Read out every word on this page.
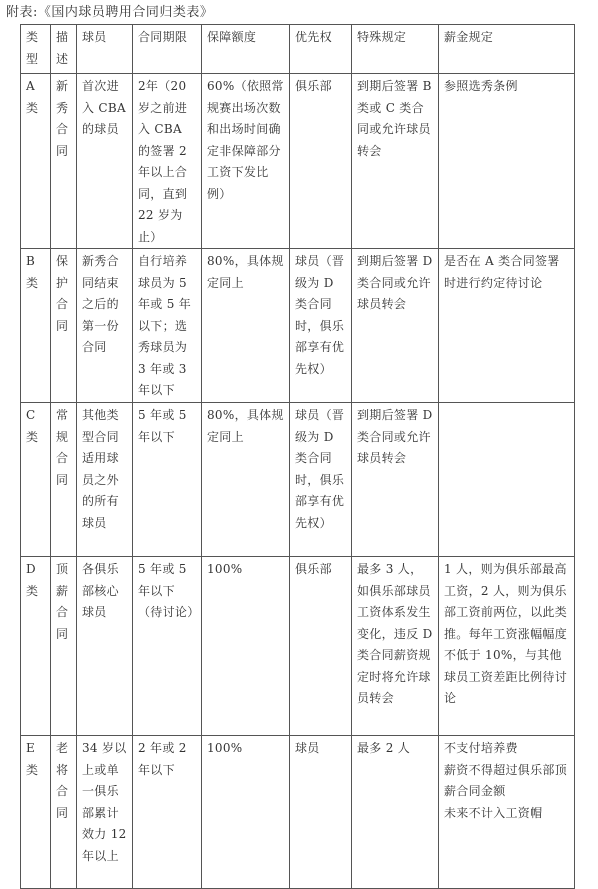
附表:《国内球员聘用合同归类表》
类型	描述	球员	合同期限	保障额度	优先权	特殊规定	薪金规定

A类	新秀合同	首次进入 CBA 的球员	2年（20岁之前进入 CBA 的签署 2 年以上合同，直到 22 岁为止）	60%（依照常规赛出场次数和出场时间确定非保障部分工资下发比例）	俱乐部	到期后签署 B 类或 C 类合同或允许球员转会	参照选秀条例

B类	保护合同	新秀合同结束之后的第一份合同	自行培养球员为 5 年或 5 年以下；选秀球员为 3 年或 3 年以下	80%，具体规定同上	球员（晋级为 D 类合同时，俱乐部享有优先权）	到期后签署 D 类合同或允许球员转会	是否在 A 类合同签署时进行约定待讨论

C类	常规合同	其他类型合同适用球员之外的所有球员	5 年或 5 年以下	80%，具体规定同上	球员（晋级为 D 类合同时，俱乐部享有优先权）	到期后签署 D 类合同或允许球员转会	

D类	顶薪合同	各俱乐部核心球员	5 年或 5 年以下（待讨论）	100%	俱乐部	最多 3 人，如俱乐部球员工资体系发生变化，违反 D 类合同薪资规定时将允许球员转会	1 人，则为俱乐部最高工资，2 人，则为俱乐部工资前两位，以此类推。每年工资涨幅幅度不低于 10%，与其他球员工资差距比例待讨论

E类	老将合同	34 岁以上或单一俱乐部累计效力 12 年以上	2 年或 2 年以下	100%	球员	最多 2 人	不支付培养费
薪资不得超过俱乐部顶薪合同金额
未来不计入工资帽
